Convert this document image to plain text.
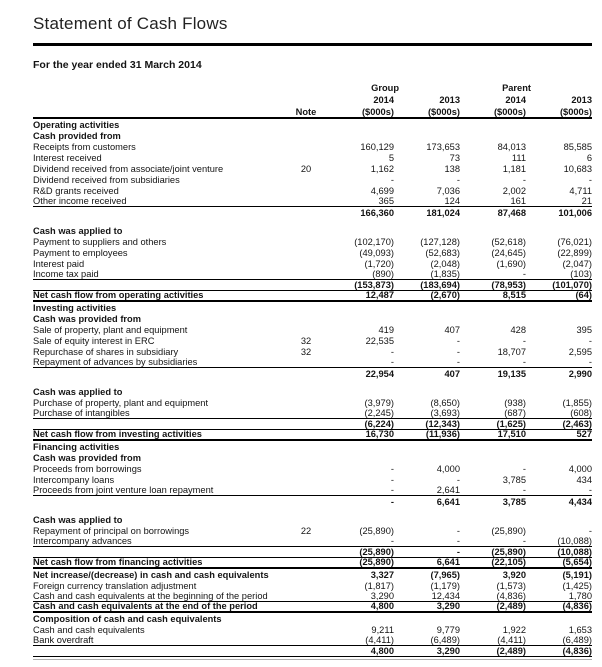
Statement of Cash Flows
For the year ended 31 March 2014
Group	Parent
2014	2013	2014	2013
Note	($000s)	($000s)	($000s)	($000s)
Operating activities
Cash provided from
Receipts from customers	160,129	173,653	84,013	85,585
Interest received	5	73	111	6
Dividend received from associate/joint venture	20	1,162	138	1,181	10,683
Dividend received from subsidiaries	-	-	-	-
R&D grants received	4,699	7,036	2,002	4,711
Other income received	365	124	161	21
166,360	181,024	87,468	101,006
Cash was applied to
Payment to suppliers and others	(102,170)	(127,128)	(52,618)	(76,021)
Payment to employees	(49,093)	(52,683)	(24,645)	(22,899)
Interest paid	(1,720)	(2,048)	(1,690)	(2,047)
Income tax paid	(890)	(1,835)	-	(103)
(153,873)	(183,694)	(78,953)	(101,070)
Net cash flow from operating activities	12,487	(2,670)	8,515	(64)
Investing activities
Cash was provided from
Sale of property, plant and equipment	419	407	428	395
Sale of equity interest in ERC	32	22,535	-	-	-
Repurchase of shares in subsidiary	32	-	-	18,707	2,595
Repayment of advances by subsidiaries	-	-	-	-
22,954	407	19,135	2,990
Cash was applied to
Purchase of property, plant and equipment	(3,979)	(8,650)	(938)	(1,855)
Purchase of intangibles	(2,245)	(3,693)	(687)	(608)
(6,224)	(12,343)	(1,625)	(2,463)
Net cash flow from investing activities	16,730	(11,936)	17,510	527
Financing activities
Cash was provided from
Proceeds from borrowings	-	4,000	-	4,000
Intercompany loans	-	-	3,785	434
Proceeds from joint venture loan repayment	-	2,641	-	-
-	6,641	3,785	4,434
Cash was applied to
Repayment of principal on borrowings	22	(25,890)	-	(25,890)	-
Intercompany advances	-	-	-	(10,088)
(25,890)	-	(25,890)	(10,088)
Net cash flow from financing activities	(25,890)	6,641	(22,105)	(5,654)
Net increase/(decrease) in cash and cash equivalents	3,327	(7,965)	3,920	(5,191)
Foreign currency translation adjustment	(1,817)	(1,179)	(1,573)	(1,425)
Cash and cash equivalents at the beginning of the period	3,290	12,434	(4,836)	1,780
Cash and cash equivalents at the end of the period	4,800	3,290	(2,489)	(4,836)
Composition of cash and cash equivalents
Cash and cash equivalents	9,211	9,779	1,922	1,653
Bank overdraft	(4,411)	(6,489)	(4,411)	(6,489)
4,800	3,290	(2,489)	(4,836)
